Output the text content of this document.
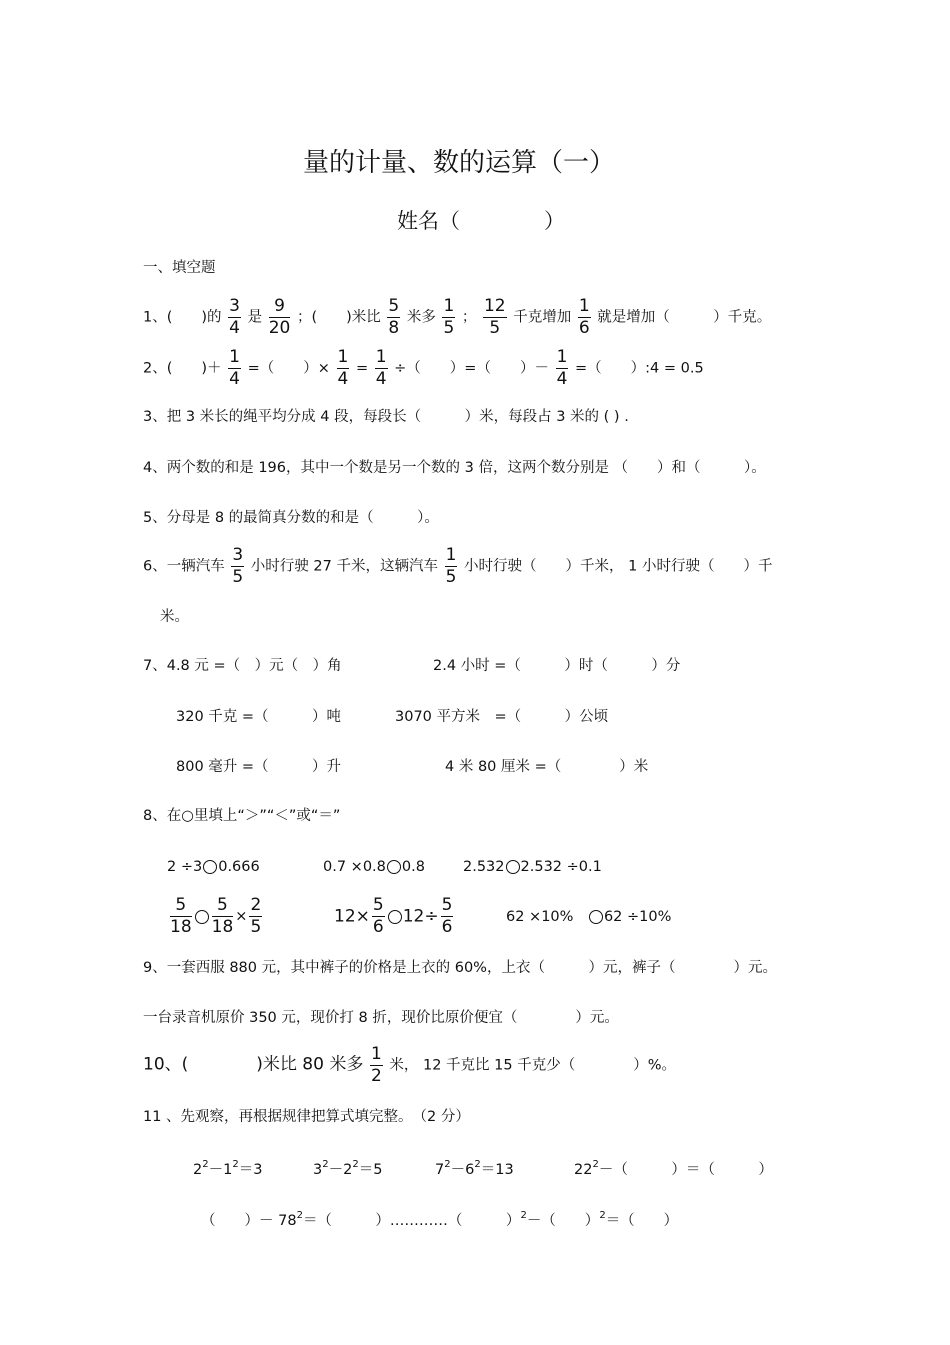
量的计量、数的运算（一）
姓名（　　　　）
一、填空题
1、(　　)的 $\frac{3}{4}$ 是 $\frac{9}{20}$ ；(　　)米比 $\frac{5}{8}$ 米多 $\frac{1}{5}$ ； $\frac{12}{5}$ 千克增加 $\frac{1}{6}$ 就是增加（　　　）千克。
2、(　　)＋ $\frac{1}{4}$ =（　　）× $\frac{1}{4} = \frac{1}{4}$ ÷（　　）=（　　）－ $\frac{1}{4}$ =（　　）:4 = 0.5
3、把 3 米长的绳平均分成 4 段，每段长（　　　）米，每段占 3 米的 ( ) .
4、两个数的和是 196，其中一个数是另一个数的 3 倍，这两个数分别是 （　　）和（　　　）。
5、分母是 8 的最简真分数的和是（　　　）。
6、一辆汽车 $\frac{3}{5}$ 小时行驶 27 千米，这辆汽车 $\frac{1}{5}$ 小时行驶（　　）千米， 1 小时行驶（　　）千
米。
7、4.8 元 =（　）元（　）角	2.4 小时 =（　　　）时（　　　）分
320 千克 =（　　　）吨	3070 平方米　=（　　　）公顷
800 毫升 =（　　　）升	4 米 80 厘米 =（　　　　）米
8、在○里填上“＞”“＜”或“＝”
2 ÷3 0.666	0.7 ×0.8 0.8	2.532 2.532 ÷0.1
$\frac{5}{18} \frac{5}{18} \times \frac{2}{5}$	$12\times \frac{5}{6} 12\div \frac{5}{6}$	62 ×10%　 62 ÷10%
9、一套西服 880 元，其中裤子的价格是上衣的 60%，上衣（　　　）元，裤子（　　　　）元。
一台录音机原价 350 元，现价打 8 折，现价比原价便宜（　　　　）元。
10、(　　　　)米比 80 米多 $\frac{1}{2}$ 米， 12 千克比 15 千克少（　　　　）%。
11 、先观察，再根据规律把算式填完整。　（2 分）
$2^2-1^2=3$	$3^2-2^2=5$	$7^2-6^2=13$	$22^2-$（　　　）＝（　　　）
（　　）－ $78^2=$（　　　）…………（　　　）$^2$－（　　）$^2$＝（　　）
